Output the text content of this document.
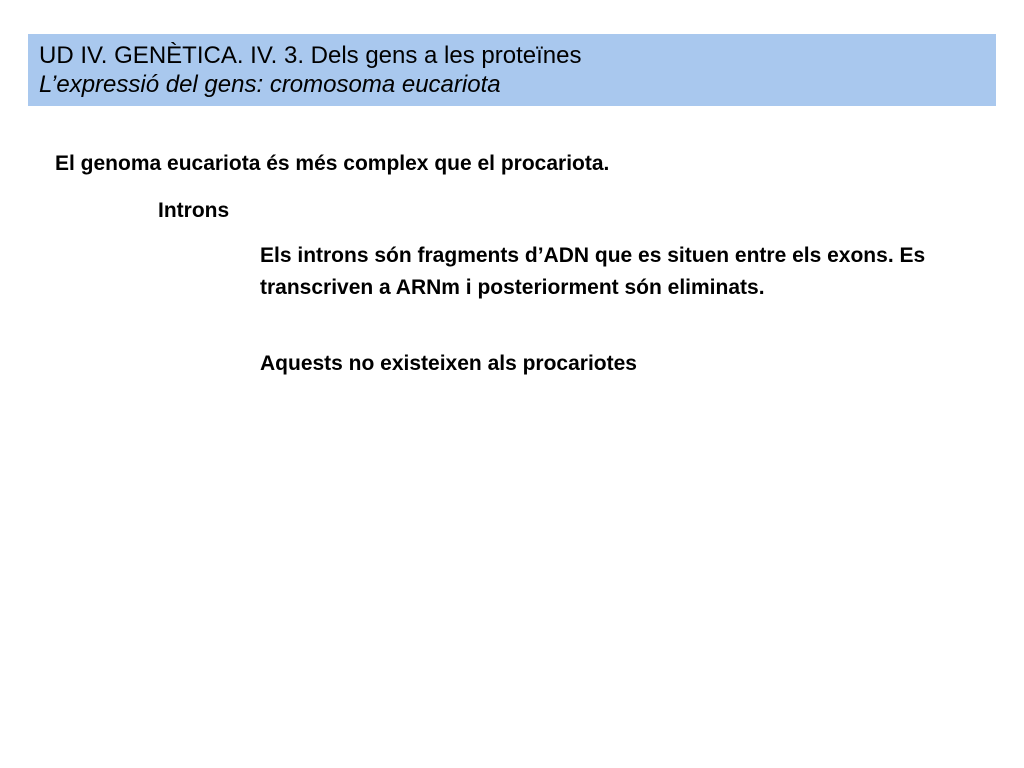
UD IV. GENÈTICA. IV. 3. Dels gens a les proteïnes
L’expressió del gens: cromosoma eucariota
El genoma eucariota és més complex que el procariota.
Introns
Els introns són fragments d’ADN que es situen entre els exons. Es transcriven a ARNm i posteriorment són eliminats.
Aquests no existeixen als procariotes
